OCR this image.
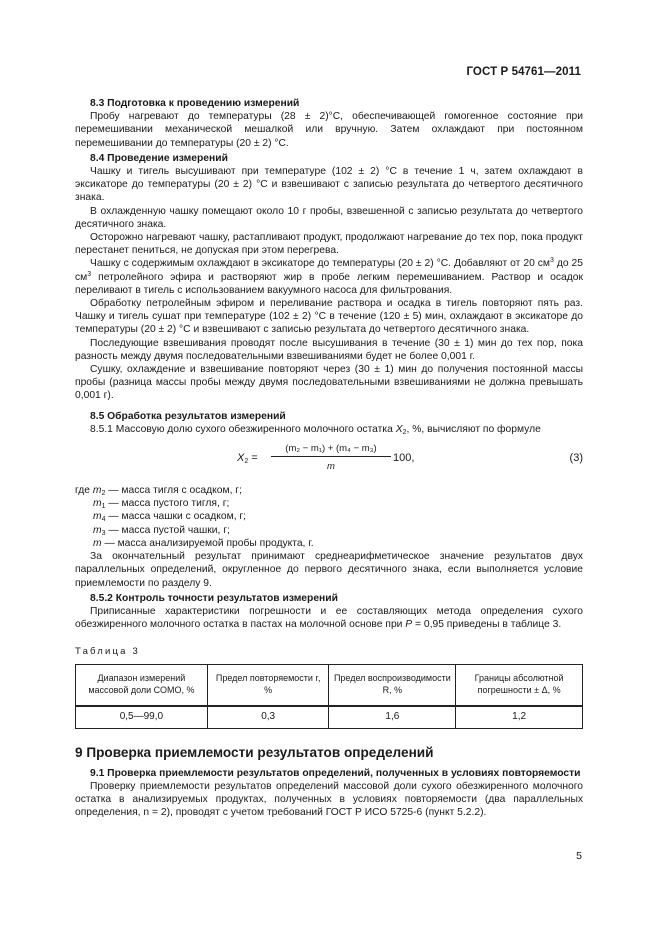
ГОСТ Р 54761—2011

8.3 Подготовка к проведению измерений

Пробу нагревают до температуры (28 ± 2)°С, обеспечивающей гомогенное состояние при перемешивании механической мешалкой или вручную. Затем охлаждают при постоянном перемешивании до температуры (20 ± 2) °С.

8.4 Проведение измерений

Чашку и тигель высушивают при температуре (102 ± 2) °С в течение 1 ч, затем охлаждают в эксикаторе до температуры (20 ± 2) °С и взвешивают с записью результата до четвертого десятичного знака.

В охлажденную чашку помещают около 10 г пробы, взвешенной с записью результата до четвертого десятичного знака.

Осторожно нагревают чашку, растапливают продукт, продолжают нагревание до тех пор, пока продукт перестанет пениться, не допуская при этом перегрева.

Чашку с содержимым охлаждают в эксикаторе до температуры (20 ± 2) °С. Добавляют от 20 $см^3$ до 25 $см^3$ петролейного эфира и растворяют жир в пробе легким перемешиванием. Раствор и осадок переливают в тигель с использованием вакуумного насоса для фильтрования.

Обработку петролейным эфиром и переливание раствора и осадка в тигель повторяют пять раз. Чашку и тигель сушат при температуре (102 ± 2) °С в течение (120 ± 5) мин, охлаждают в эксикаторе до температуры (20 ± 2) °С и взвешивают с записью результата до четвертого десятичного знака.

Последующие взвешивания проводят после высушивания в течение (30 ± 1) мин до тех пор, пока разность между двумя последовательными взвешиваниями будет не более 0,001 г.

Сушку, охлаждение и взвешивание повторяют через (30 ± 1) мин до получения постоянной массы пробы (разница массы пробы между двумя последовательными взвешиваниями не должна превышать 0,001 г).

8.5 Обработка результатов измерений

8.5.1 Массовую долю сухого обезжиренного молочного остатка $X_2$, %, вычисляют по формуле

$X_2 = \frac{\text{(m₂ − m₁) + (m₄ − m₃)}}{m} 100$,	(3)

где $m_2$ — масса тигля с осадком, г;

$m_1$ — масса пустого тигля, г;
$m_4$ — масса чашки с осадком, г;
$m_3$ — масса пустой чашки, г;
m — масса анализируемой пробы продукта, г.

За окончательный результат принимают среднеарифметическое значение результатов двух параллельных определений, округленное до первого десятичного знака, если выполняется условие приемлемости по разделу 9.

8.5.2 Контроль точности результатов измерений

Приписанные характеристики погрешности и ее составляющих метода определения сухого обезжиренного молочного остатка в пастах на молочной основе при P = 0,95 приведены в таблице 3.

Таблица 3
Диапазон измерений массовой доли СОМО, %	Предел повторяемости r, %	Предел воспроизводимости R, %	Границы абсолютной погрешности ± Δ, %
0,5—99,0	0,3	1,6	1,2
9 Проверка приемлемости результатов определений

9.1 Проверка приемлемости результатов определений, полученных в условиях повторяемости

Проверку приемлемости результатов определений массовой доли сухого обезжиренного молочного остатка в анализируемых продуктах, полученных в условиях повторяемости (два параллельных определения, n = 2), проводят с учетом требований ГОСТ Р ИСО 5725-6 (пункт 5.2.2).

5
